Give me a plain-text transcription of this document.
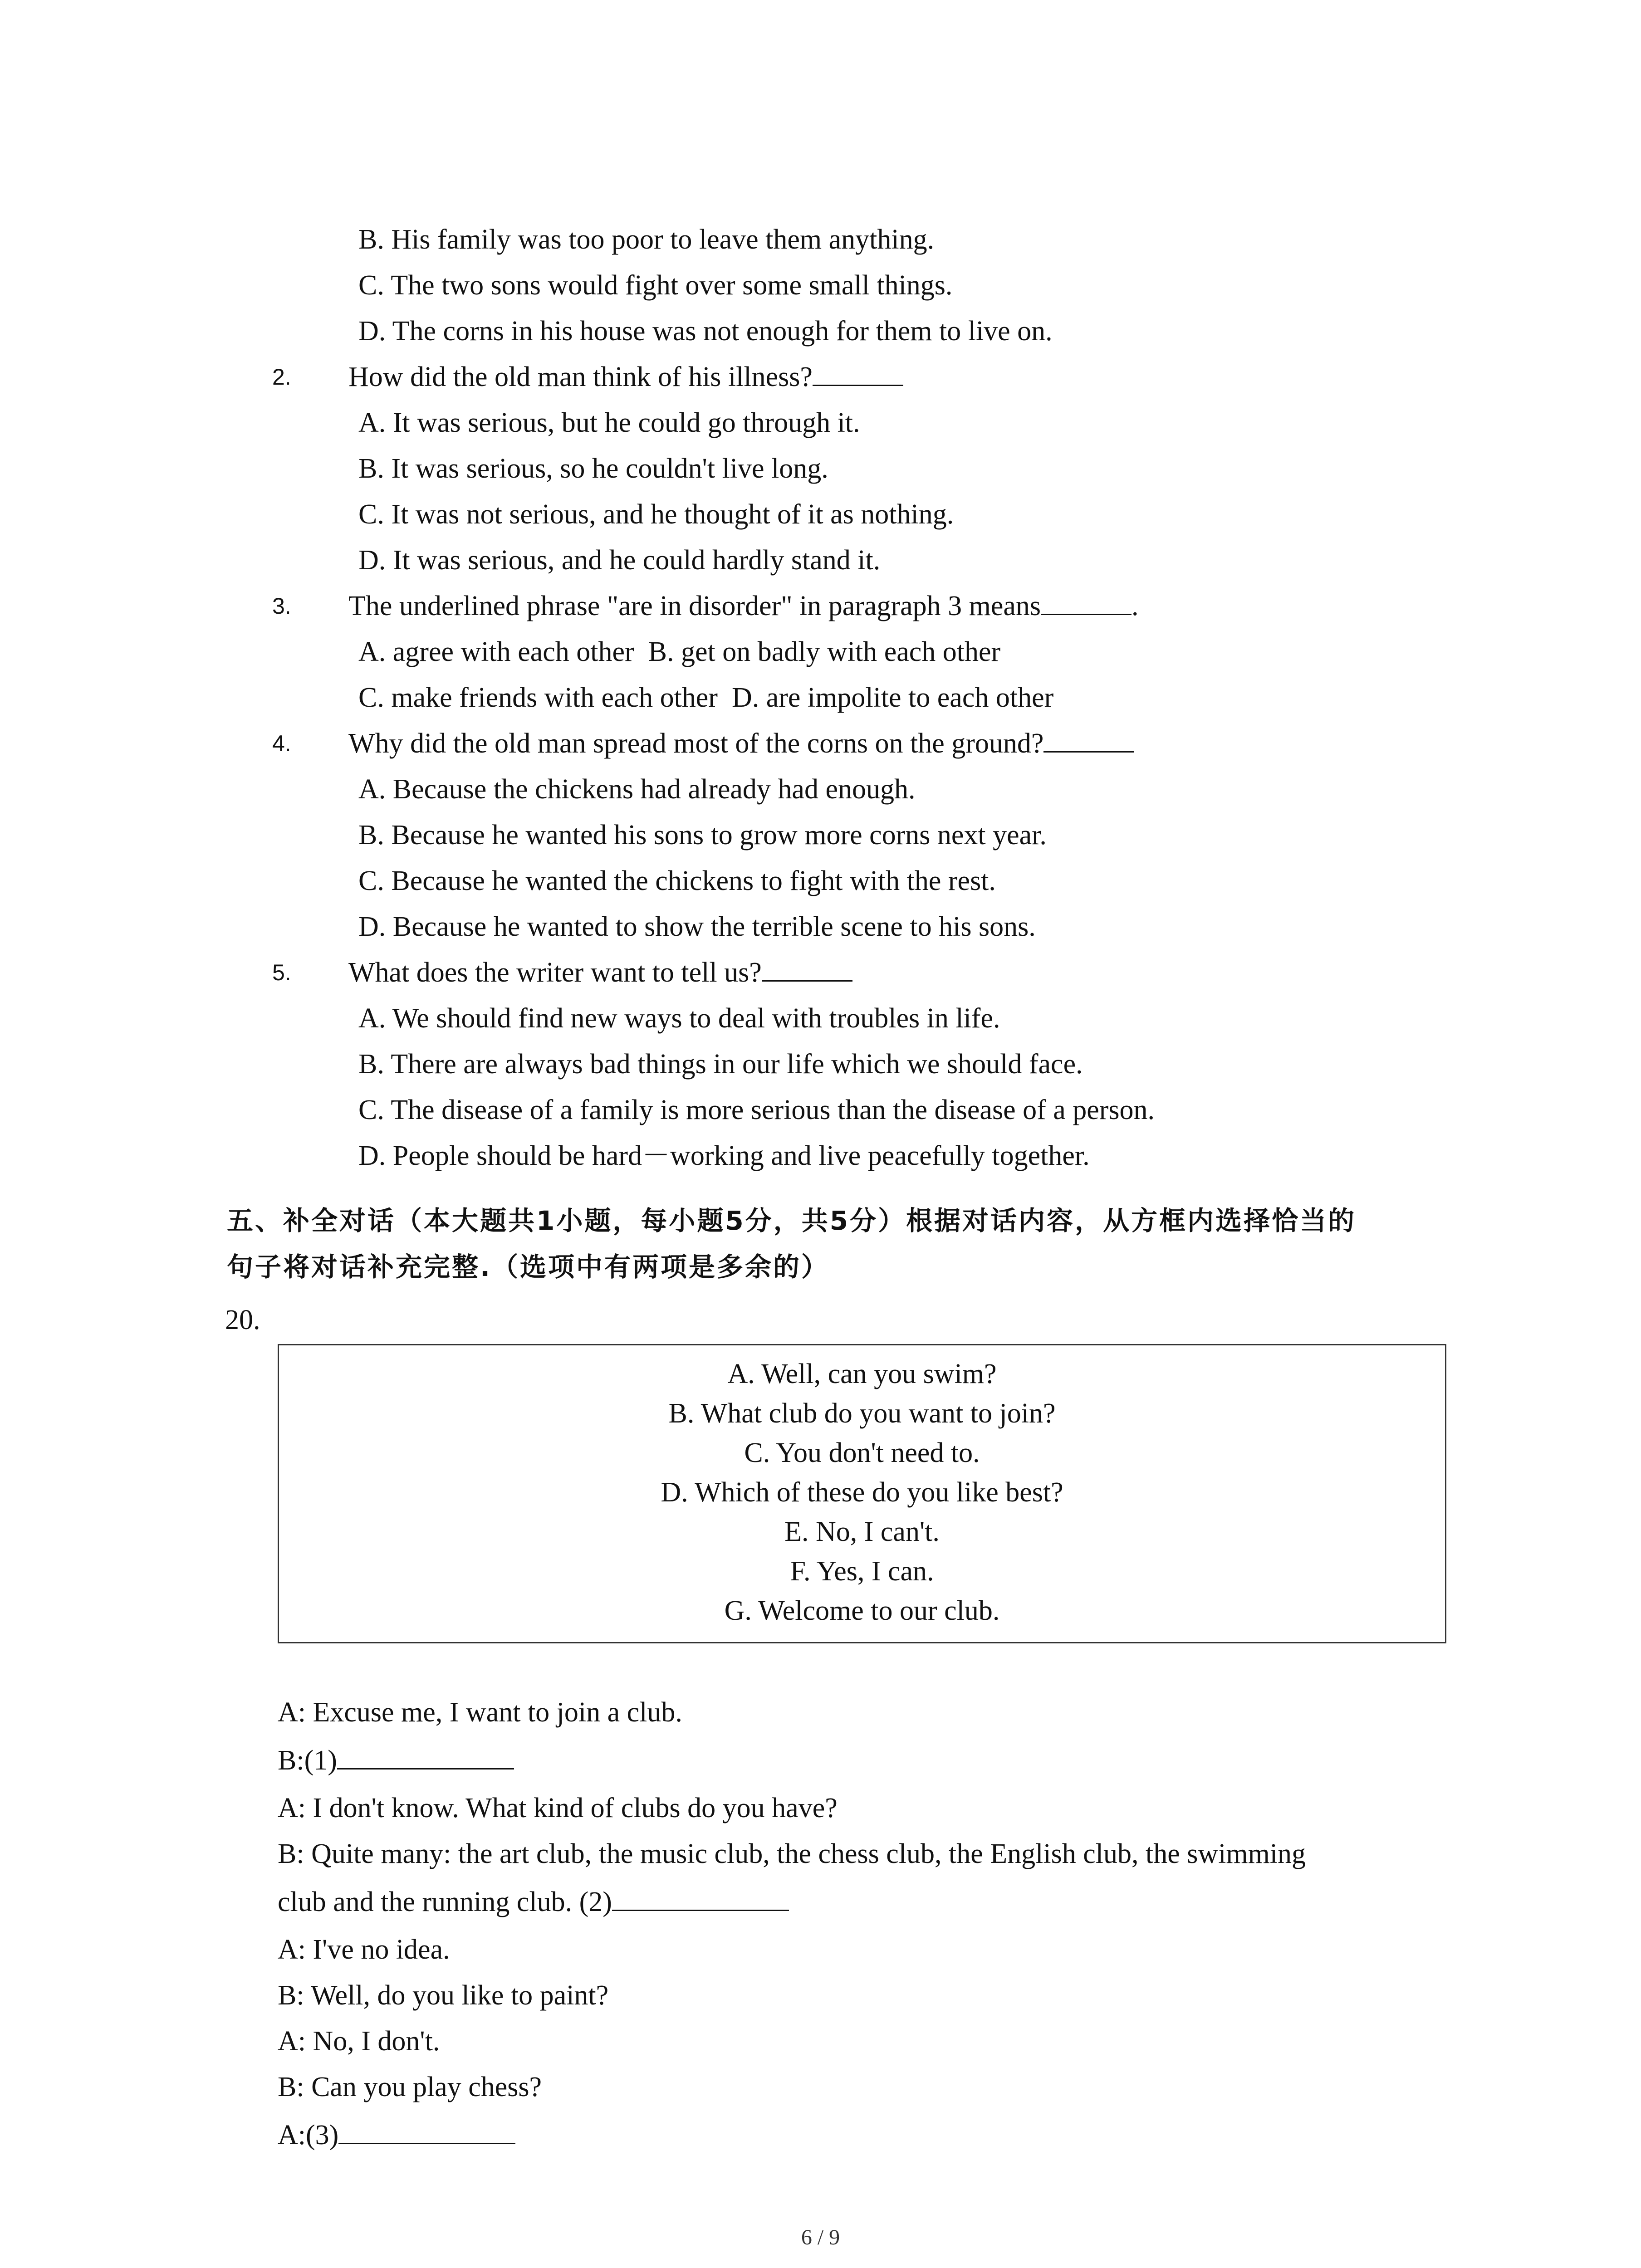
B. His family was too poor to leave them anything.
C. The two sons would fight over some small things.
D. The corns in his house was not enough for them to live on.
2. How did the old man think of his illness?
A. It was serious, but he could go through it.
B. It was serious, so he couldn't live long.
C. It was not serious, and he thought of it as nothing.
D. It was serious, and he could hardly stand it.
3. The underlined phrase "are in disorder" in paragraph 3 means	.
A. agree with each other  B. get on badly with each other
C. make friends with each other  D. are impolite to each other
4. Why did the old man spread most of the corns on the ground?
A. Because the chickens had already had enough.
B. Because he wanted his sons to grow more corns next year.
C. Because he wanted the chickens to fight with the rest.
D. Because he wanted to show the terrible scene to his sons.
5. What does the writer want to tell us?
A. We should find new ways to deal with troubles in life.
B. There are always bad things in our life which we should face.
C. The disease of a family is more serious than the disease of a person.
D. People should be hard－working and live peacefully together.
五、补全对话（本大题共1小题，每小题5分，共5分）根据对话内容，从方框内选择恰当的
句子将对话补充完整.（选项中有两项是多余的）
20.
A. Well, can you swim?
B. What club do you want to join?
C. You don't need to.
D. Which of these do you like best?
E. No, I can't.
F. Yes, I can.
G. Welcome to our club.
A: Excuse me, I want to join a club.
B:(1)
A: I don't know. What kind of clubs do you have?
B: Quite many: the art club, the music club, the chess club, the English club, the swimming
club and the running club. (2)
A: I've no idea.
B: Well, do you like to paint?
A: No, I don't.
B: Can you play chess?
A:(3)
6 / 9
